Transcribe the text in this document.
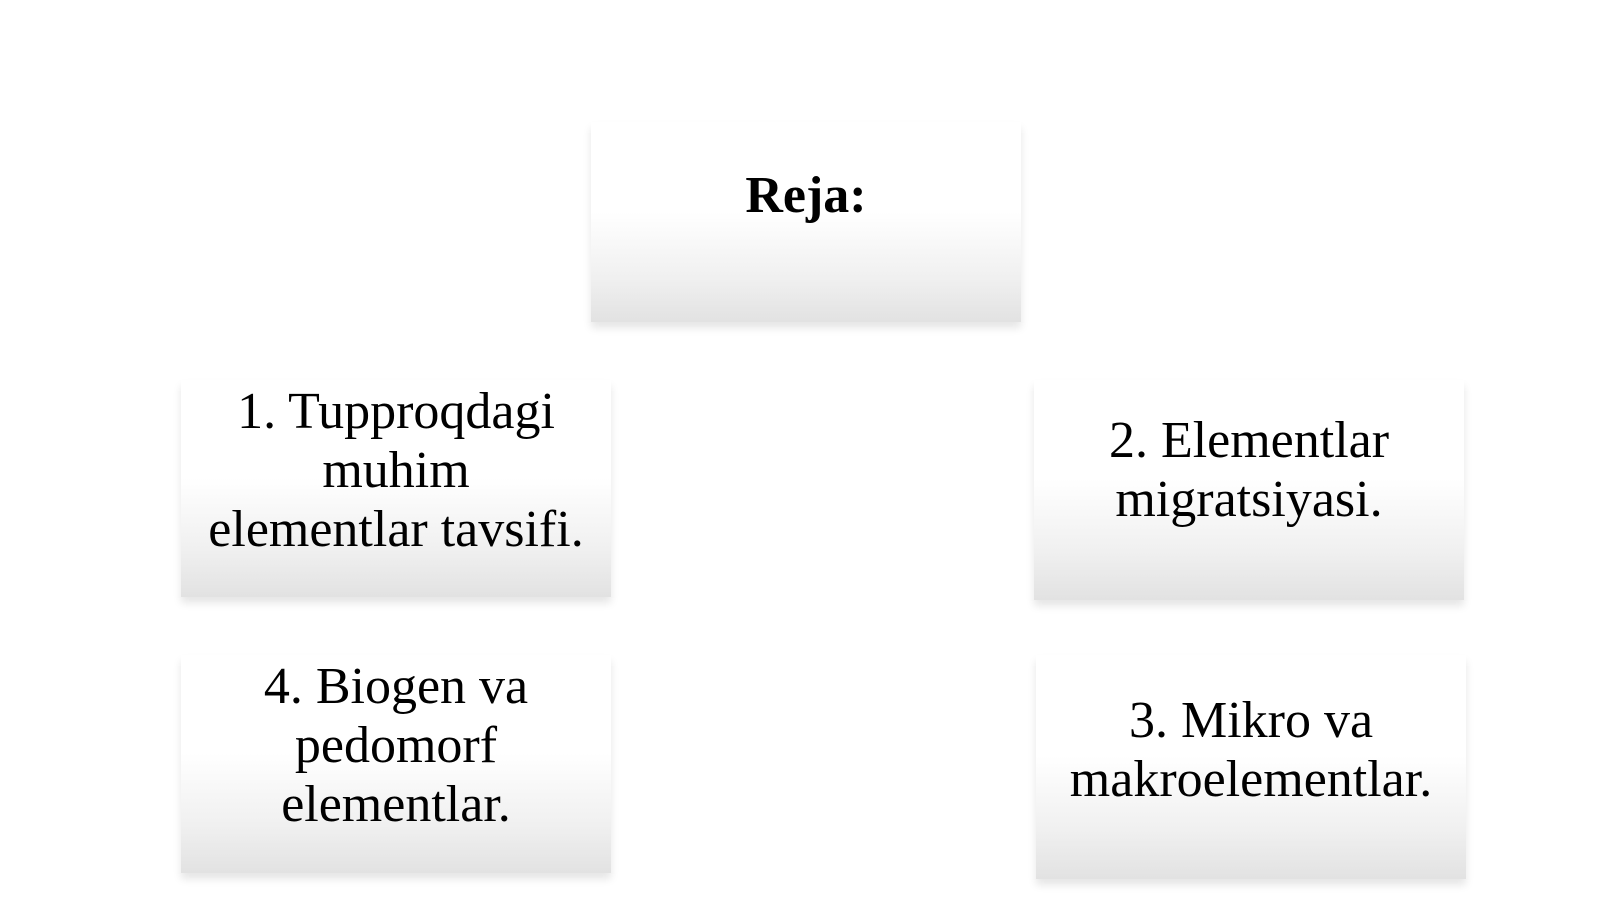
Reja:
1. Tupproqdagi
muhim
elementlar tavsifi.
2. Elementlar
migratsiyasi.
4. Biogen va
pedomorf
elementlar.
3. Mikro va
makroelementlar.
